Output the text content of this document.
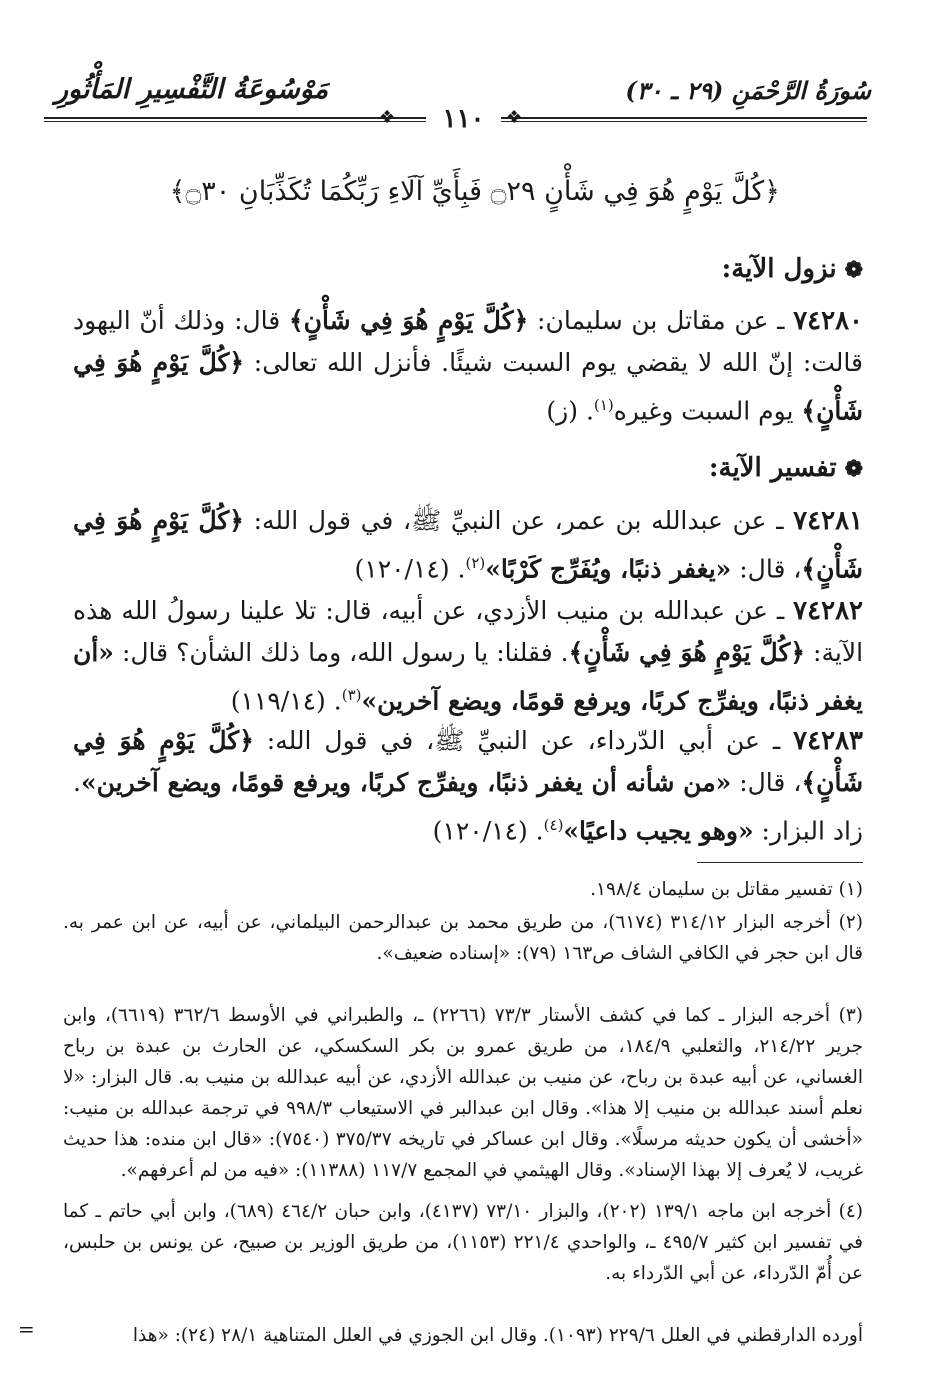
مَوْسُوعَةُ التَّفْسِيرِ المَأْثُورِ	سُورَةُ الرَّحْمَنِ (٢٩ ـ ٣٠)
❖	١١٠	❖
﴿كُلَّ يَوْمٍ هُوَ فِي شَأْنٍ ۝٢٩ فَبِأَيِّ آلَاءِ رَبِّكُمَا تُكَذِّبَانِ ۝٣٠﴾
❁نزول الآية:
٧٤٢٨٠ ـ عن مقاتل بن سليمان: ﴿كُلَّ يَوْمٍ هُوَ فِي شَأْنٍ﴾ قال: وذلك أنّ اليهود قالت: إنّ الله لا يقضي يوم السبت شيئًا. فأنزل الله تعالى: ﴿كُلَّ يَوْمٍ هُوَ فِي شَأْنٍ﴾ يوم السبت وغيره$^{(١)}$. (ز)
❁تفسير الآية:
٧٤٢٨١ ـ عن عبدالله بن عمر، عن النبيِّ ﷺ، في قول الله: ﴿كُلَّ يَوْمٍ هُوَ فِي شَأْنٍ﴾، قال: «يغفر ذنبًا، ويُفَرِّج كَرْبًا»$^{(٢)}$. (١٢٠/١٤)
٧٤٢٨٢ ـ عن عبدالله بن منيب الأزدي، عن أبيه، قال: تلا علينا رسولُ الله هذه الآية: ﴿كُلَّ يَوْمٍ هُوَ فِي شَأْنٍ﴾. فقلنا: يا رسول الله، وما ذلك الشأن؟ قال: «أن يغفر ذنبًا، ويفرِّج كربًا، ويرفع قومًا، ويضع آخرين»$^{(٣)}$. (١١٩/١٤)
٧٤٢٨٣ ـ عن أبي الدّرداء، عن النبيِّ ﷺ، في قول الله: ﴿كُلَّ يَوْمٍ هُوَ فِي شَأْنٍ﴾، قال: «من شأنه أن يغفر ذنبًا، ويفرِّج كربًا، ويرفع قومًا، ويضع آخرين». زاد البزار: «وهو يجيب داعيًا»$^{(٤)}$. (١٢٠/١٤)
(١) تفسير مقاتل بن سليمان ١٩٨/٤.
(٢) أخرجه البزار ٣١٤/١٢ (٦١٧٤)، من طريق محمد بن عبدالرحمن البيلماني، عن أبيه، عن ابن عمر به. قال ابن حجر في الكافي الشاف ص١٦٣ (٧٩): «إسناده ضعيف».
(٣) أخرجه البزار ـ كما في كشف الأستار ٧٣/٣ (٢٢٦٦) ـ، والطبراني في الأوسط ٣٦٢/٦ (٦٦١٩)، وابن جرير ٢١٤/٢٢، والثعلبي ١٨٤/٩، من طريق عمرو بن بكر السكسكي، عن الحارث بن عبدة بن رباح الغساني، عن أبيه عبدة بن رباح، عن منيب بن عبدالله الأزدي، عن أبيه عبدالله بن منيب به. قال البزار: «لا نعلم أسند عبدالله بن منيب إلا هذا». وقال ابن عبدالبر في الاستيعاب ٩٩٨/٣ في ترجمة عبدالله بن منيب: «أخشى أن يكون حديثه مرسلًا». وقال ابن عساكر في تاريخه ٣٧٥/٣٧ (٧٥٤٠): «قال ابن منده: هذا حديث غريب، لا يُعرف إلا بهذا الإسناد». وقال الهيثمي في المجمع ١١٧/٧ (١١٣٨٨): «فيه من لم أعرفهم».
(٤) أخرجه ابن ماجه ١٣٩/١ (٢٠٢)، والبزار ٧٣/١٠ (٤١٣٧)، وابن حبان ٤٦٤/٢ (٦٨٩)، وابن أبي حاتم ـ كما في تفسير ابن كثير ٤٩٥/٧ ـ، والواحدي ٢٢١/٤ (١١٥٣)، من طريق الوزير بن صبيح، عن يونس بن حلبس، عن أُمّ الدّرداء، عن أبي الدّرداء به.
أورده الدارقطني في العلل ٢٢٩/٦ (١٠٩٣). وقال ابن الجوزي في العلل المتناهية ٢٨/١ (٢٤): «هذا
=
